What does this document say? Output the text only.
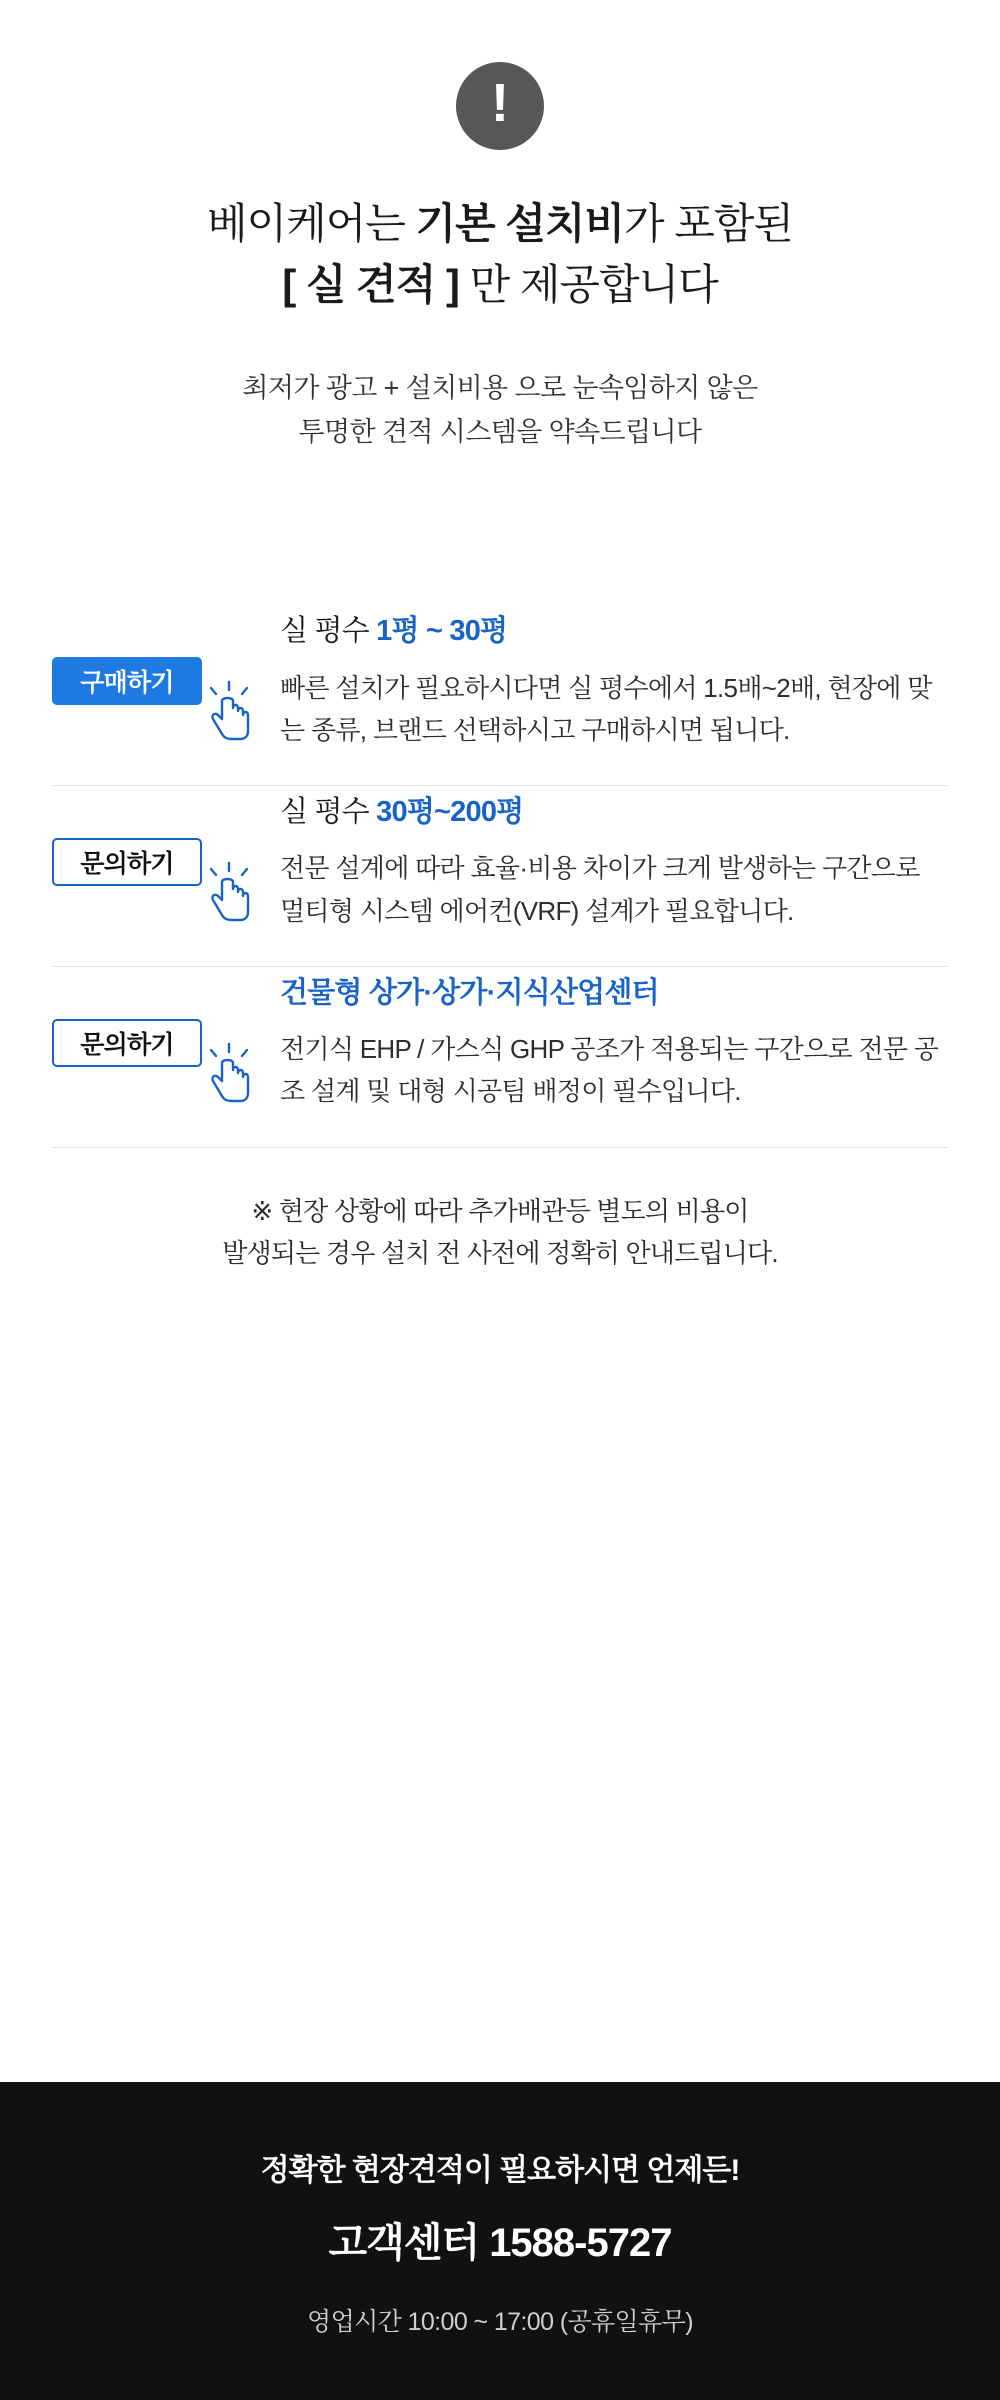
!
베이케어는 기본 설치비가 포함된
[ 실 견적 ] 만 제공합니다
최저가 광고 + 설치비용 으로 눈속임하지 않은
투명한 견적 시스템을 약속드립니다
구매하기
실 평수 1평 ~ 30평
빠른 설치가 필요하시다면 실 평수에서 1.5배~2배, 현장에 맞는 종류, 브랜드 선택하시고 구매하시면 됩니다.
문의하기
실 평수 30평~200평
전문 설계에 따라 효율·비용 차이가 크게 발생하는 구간으로 멀티형 시스템 에어컨(VRF) 설계가 필요합니다.
문의하기
건물형 상가·상가·지식산업센터
전기식 EHP / 가스식 GHP 공조가 적용되는 구간으로 전문 공조 설계 및 대형 시공팀 배정이 필수입니다.
※ 현장 상황에 따라 추가배관등 별도의 비용이
발생되는 경우 설치 전 사전에 정확히 안내드립니다.
정확한 현장견적이 필요하시면 언제든!
고객센터 1588-5727
영업시간 10:00 ~ 17:00 (공휴일휴무)
